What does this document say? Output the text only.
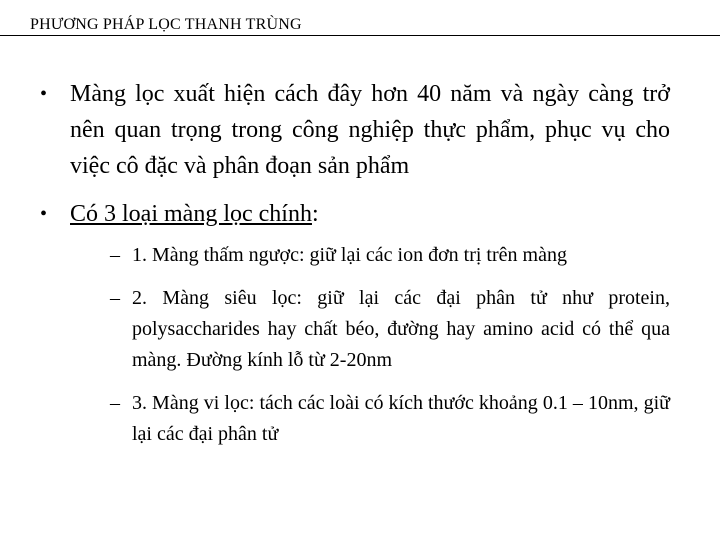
PHƯƠNG PHÁP LỌC THANH TRÙNG
• Màng lọc xuất hiện cách đây hơn 40 năm và ngày càng trở nên quan trọng trong công nghiệp thực phẩm, phục vụ cho việc cô đặc và phân đoạn sản phẩm
• Có 3 loại màng lọc chính:
– 1. Màng thấm ngược: giữ lại các ion đơn trị trên màng
– 2. Màng siêu lọc: giữ lại các đại phân tử như protein, polysaccharides hay chất béo, đường hay amino acid có thể qua màng. Đường kính lỗ từ 2-20nm
– 3. Màng vi lọc: tách các loài có kích thước khoảng 0.1 – 10nm, giữ lại các đại phân tử
